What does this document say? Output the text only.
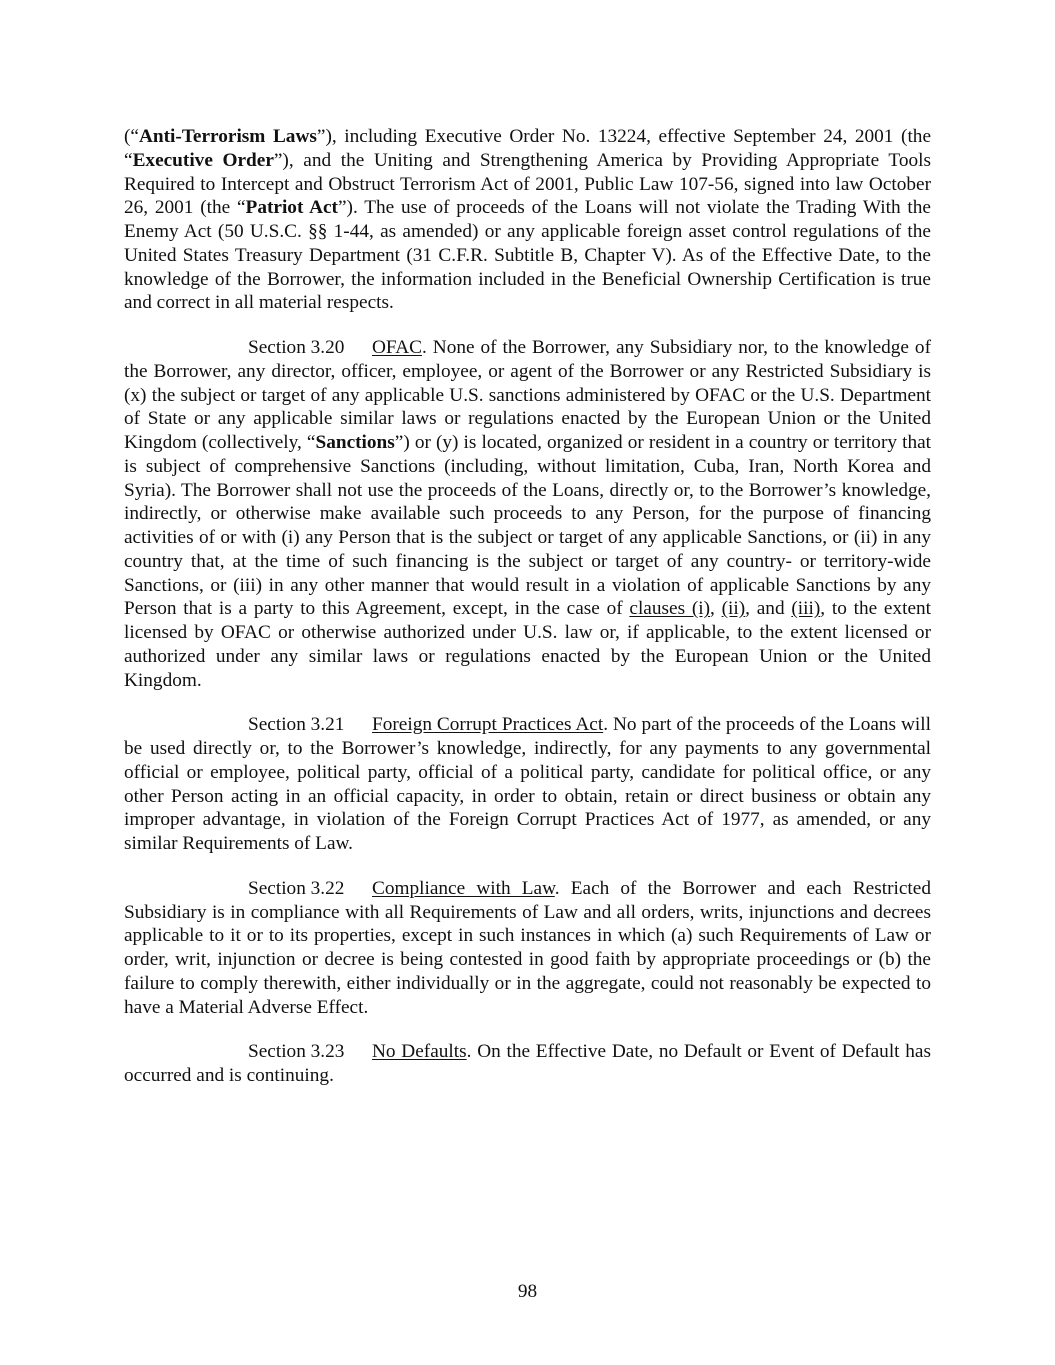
(“Anti-Terrorism Laws”), including Executive Order No. 13224, effective September 24, 2001 (the “Executive Order”), and the Uniting and Strengthening America by Providing Appropriate Tools Required to Intercept and Obstruct Terrorism Act of 2001, Public Law 107-56, signed into law October 26, 2001 (the “Patriot Act”). The use of proceeds of the Loans will not violate the Trading With the Enemy Act (50 U.S.C. §§ 1-44, as amended) or any applicable foreign asset control regulations of the United States Treasury Department (31 C.F.R. Subtitle B, Chapter V). As of the Effective Date, to the knowledge of the Borrower, the information included in the Beneficial Ownership Certification is true and correct in all material respects.

Section 3.20 OFAC. None of the Borrower, any Subsidiary nor, to the knowledge of the Borrower, any director, officer, employee, or agent of the Borrower or any Restricted Subsidiary is (x) the subject or target of any applicable U.S. sanctions administered by OFAC or the U.S. Department of State or any applicable similar laws or regulations enacted by the European Union or the United Kingdom (collectively, “Sanctions”) or (y) is located, organized or resident in a country or territory that is subject of comprehensive Sanctions (including, without limitation, Cuba, Iran, North Korea and Syria). The Borrower shall not use the proceeds of the Loans, directly or, to the Borrower’s knowledge, indirectly, or otherwise make available such proceeds to any Person, for the purpose of financing activities of or with (i) any Person that is the subject or target of any applicable Sanctions, or (ii) in any country that, at the time of such financing is the subject or target of any country- or territory-wide Sanctions, or (iii) in any other manner that would result in a violation of applicable Sanctions by any Person that is a party to this Agreement, except, in the case of clauses (i), (ii), and (iii), to the extent licensed by OFAC or otherwise authorized under U.S. law or, if applicable, to the extent licensed or authorized under any similar laws or regulations enacted by the European Union or the United Kingdom.

Section 3.21 Foreign Corrupt Practices Act. No part of the proceeds of the Loans will be used directly or, to the Borrower’s knowledge, indirectly, for any payments to any governmental official or employee, political party, official of a political party, candidate for political office, or any other Person acting in an official capacity, in order to obtain, retain or direct business or obtain any improper advantage, in violation of the Foreign Corrupt Practices Act of 1977, as amended, or any similar Requirements of Law.

Section 3.22 Compliance with Law. Each of the Borrower and each Restricted Subsidiary is in compliance with all Requirements of Law and all orders, writs, injunctions and decrees applicable to it or to its properties, except in such instances in which (a) such Requirements of Law or order, writ, injunction or decree is being contested in good faith by appropriate proceedings or (b) the failure to comply therewith, either individually or in the aggregate, could not reasonably be expected to have a Material Adverse Effect.

Section 3.23 No Defaults. On the Effective Date, no Default or Event of Default has occurred and is continuing.

98
